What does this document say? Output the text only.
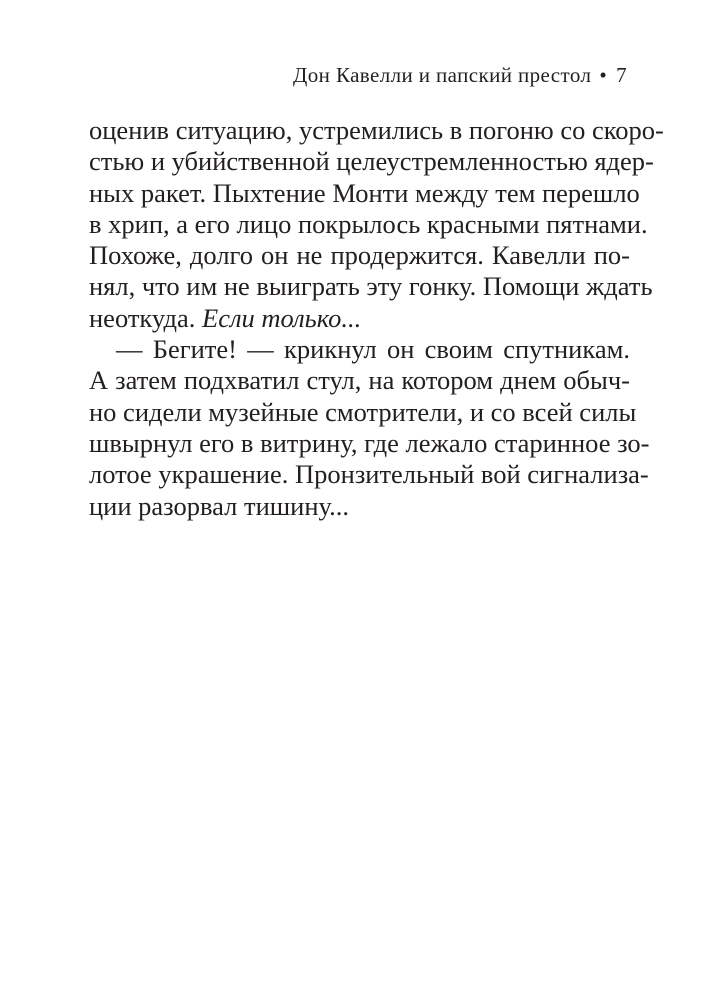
Дон Кавелли и папский престол • 7
оценив ситуацию, устремились в погоню со скоро-
стью и убийственной целеустремленностью ядер-
ных ракет. Пыхтение Монти между тем перешло
в хрип, а его лицо покрылось красными пятнами.
Похоже, долго он не продержится. Кавелли по-
нял, что им не выиграть эту гонку. Помощи ждать
неоткуда. Если только...
— Бегите! — крикнул он своим спутникам.
А затем подхватил стул, на котором днем обыч-
но сидели музейные смотрители, и со всей силы
швырнул его в витрину, где лежало старинное зо-
лотое украшение. Пронзительный вой сигнализа-
ции разорвал тишину...
